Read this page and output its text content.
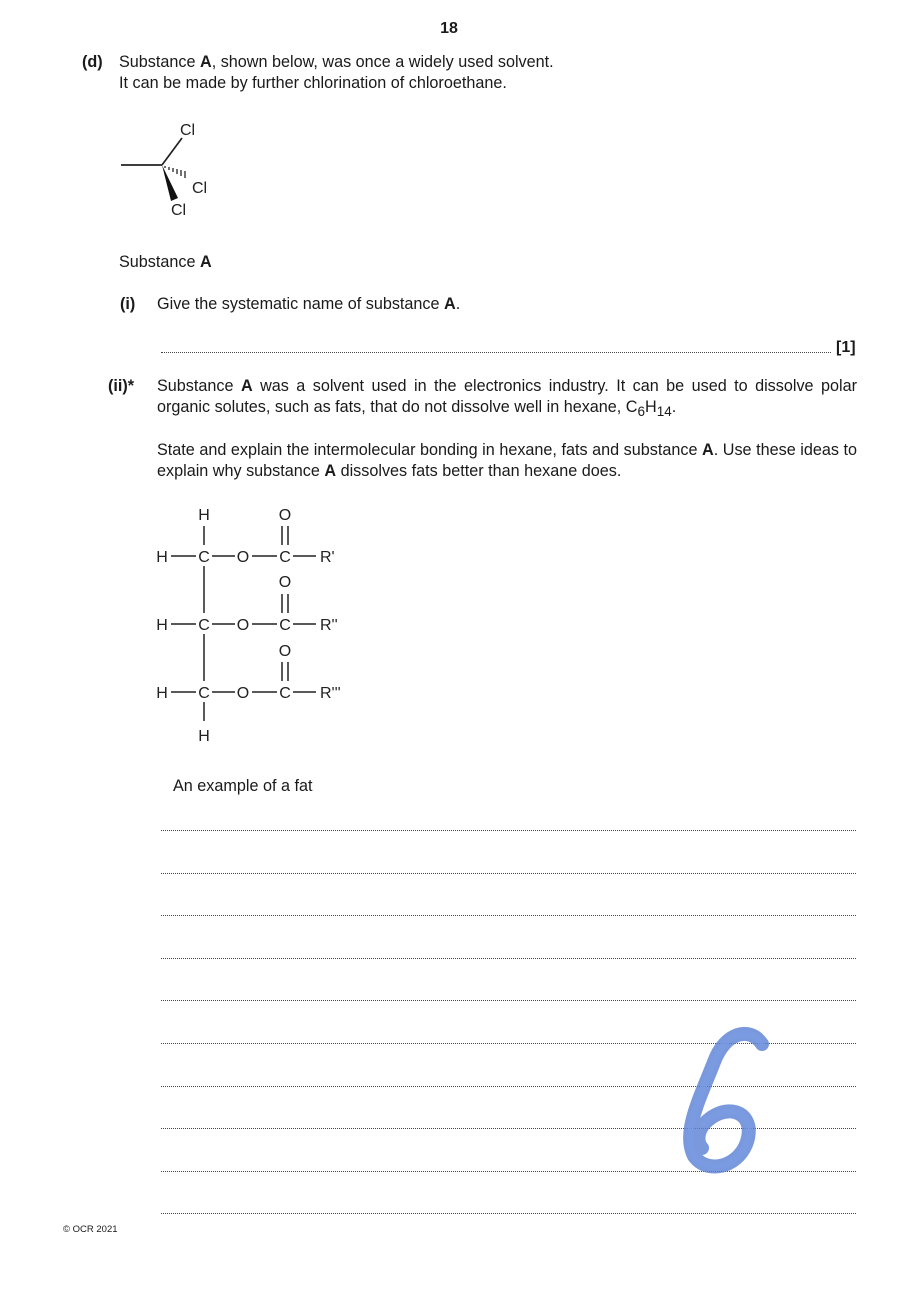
18
(d) Substance A, shown below, was once a widely used solvent.
It can be made by further chlorination of chloroethane.
Cl
Cl
Cl
Substance A
(i) Give the systematic name of substance A.
[1]
(ii)* Substance A was a solvent used in the electronics industry. It can be used to dissolve polar organic solutes, such as fats, that do not dissolve well in hexane, $C_6H_{14}$.
State and explain the intermolecular bonding in hexane, fats and substance A. Use these ideas to explain why substance A dissolves fats better than hexane does.
H
H C O C R'
O
H C O C R''
O
H C O C R'''
O
H
An example of a fat
© OCR 2021
